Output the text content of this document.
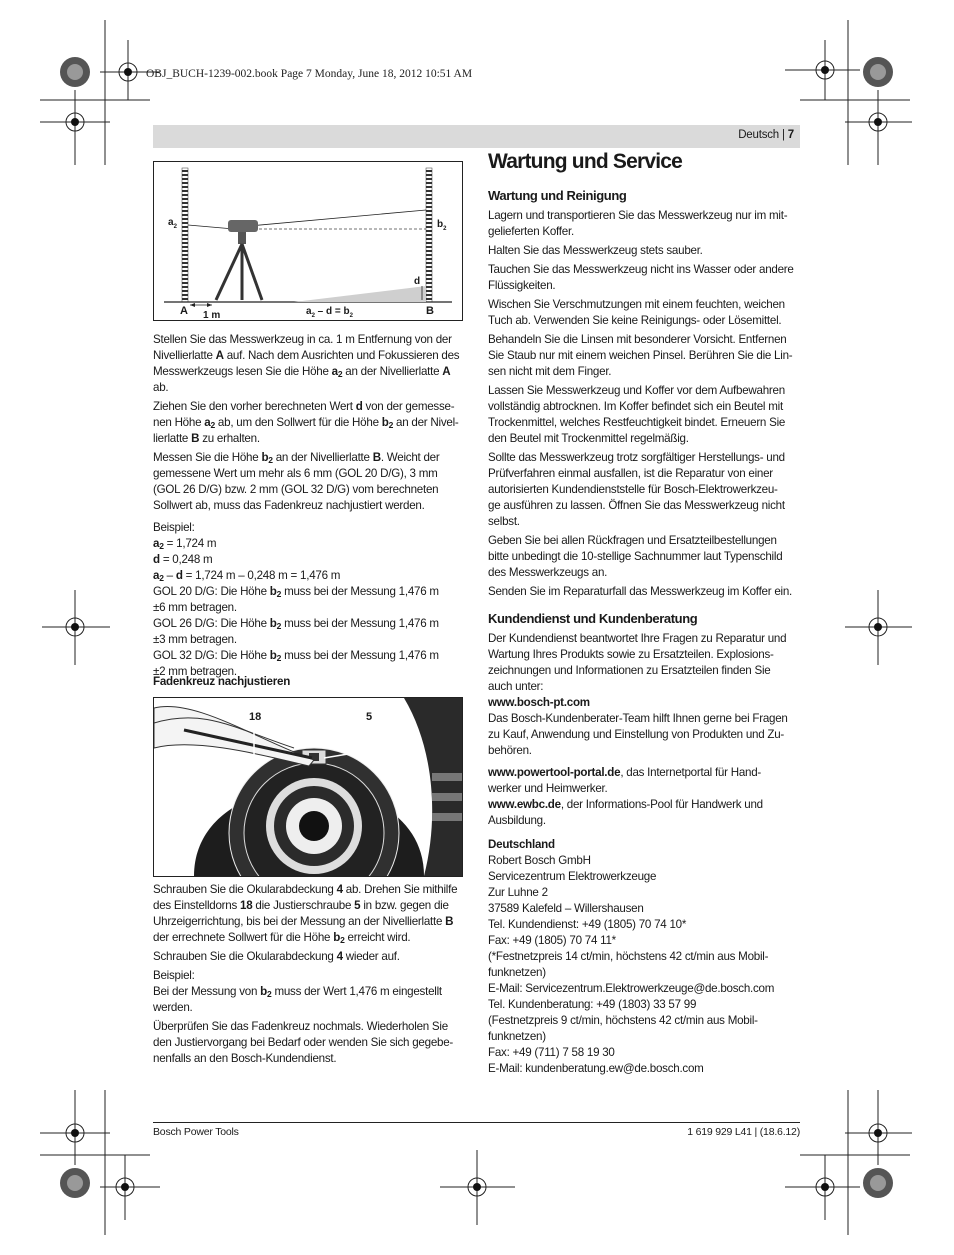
OBJ_BUCH-1239-002.book Page 7 Monday, June 18, 2012 10:51 AM
Deutsch | 7
$a_2$	$b_2$
d
A	B
1 m	$a_2 - d = b_2$

Stellen Sie das Messwerkzeug in ca. 1 m Entfernung von der
Nivellierlatte A auf. Nach dem Ausrichten und Fokussieren des
Messwerkzeugs lesen Sie die Höhe $a_2$ an der Nivellierlatte A ab.

Ziehen Sie den vorher berechneten Wert d von der gemesse-
nen Höhe $a_2$ ab, um den Sollwert für die Höhe $b_2$ an der Nivel-
lierlatte B zu erhalten.

Messen Sie die Höhe $b_2$ an der Nivellierlatte B. Weicht der
gemessene Wert um mehr als 6 mm (GOL 20 D/G), 3 mm
(GOL 26 D/G) bzw. 2 mm (GOL 32 D/G) vom berechneten
Sollwert ab, muss das Fadenkreuz nachjustiert werden.

Beispiel:
$a_2 = 1,724$ m
d = 0,248 m
$a_2 - d = 1,724$ m – 0,248 m = 1,476 m
GOL 20 D/G: Die Höhe $b_2$ muss bei der Messung 1,476 m
±6 mm betragen.
GOL 26 D/G: Die Höhe $b_2$ muss bei der Messung 1,476 m
±3 mm betragen.
GOL 32 D/G: Die Höhe $b_2$ muss bei der Messung 1,476 m
±2 mm betragen.

Fadenkreuz nachjustieren
18	5

Schrauben Sie die Okularabdeckung 4 ab. Drehen Sie mithilfe
des Einstelldorns 18 die Justierschraube 5 in bzw. gegen die
Uhrzeigerrichtung, bis bei der Messung an der Nivellierlatte B
der errechnete Sollwert für die Höhe $b_2$ erreicht wird.

Schrauben Sie die Okularabdeckung 4 wieder auf.

Beispiel:
Bei der Messung von $b_2$ muss der Wert 1,476 m eingestellt
werden.

Überprüfen Sie das Fadenkreuz nochmals. Wiederholen Sie
den Justiervorgang bei Bedarf oder wenden Sie sich gegebe-
nenfalls an den Bosch-Kundendienst.

Wartung und Service
Wartung und Reinigung

Lagern und transportieren Sie das Messwerkzeug nur im mit-
gelieferten Koffer.

Halten Sie das Messwerkzeug stets sauber.

Tauchen Sie das Messwerkzeug nicht ins Wasser oder andere
Flüssigkeiten.

Wischen Sie Verschmutzungen mit einem feuchten, weichen
Tuch ab. Verwenden Sie keine Reinigungs- oder Lösemittel.

Behandeln Sie die Linsen mit besonderer Vorsicht. Entfernen
Sie Staub nur mit einem weichen Pinsel. Berühren Sie die Lin-
sen nicht mit dem Finger.

Lassen Sie Messwerkzeug und Koffer vor dem Aufbewahren
vollständig abtrocknen. Im Koffer befindet sich ein Beutel mit
Trockenmittel, welches Restfeuchtigkeit bindet. Erneuern Sie
den Beutel mit Trockenmittel regelmäßig.

Sollte das Messwerkzeug trotz sorgfältiger Herstellungs- und
Prüfverfahren einmal ausfallen, ist die Reparatur von einer
autorisierten Kundendienststelle für Bosch-Elektrowerkzeu-
ge ausführen zu lassen. Öffnen Sie das Messwerkzeug nicht
selbst.

Geben Sie bei allen Rückfragen und Ersatzteilbestellungen
bitte unbedingt die 10-stellige Sachnummer laut Typenschild
des Messwerkzeugs an.

Senden Sie im Reparaturfall das Messwerkzeug im Koffer ein.

Kundendienst und Kundenberatung

Der Kundendienst beantwortet Ihre Fragen zu Reparatur und
Wartung Ihres Produkts sowie zu Ersatzteilen. Explosions-
zeichnungen und Informationen zu Ersatzteilen finden Sie
auch unter:

www.bosch-pt.com

Das Bosch-Kundenberater-Team hilft Ihnen gerne bei Fragen
zu Kauf, Anwendung und Einstellung von Produkten und Zu-
behören.

www.powertool-portal.de, das Internetportal für Hand-
werker und Heimwerker.

www.ewbc.de, der Informations-Pool für Handwerk und
Ausbildung.

Deutschland

Robert Bosch GmbH
Servicezentrum Elektrowerkzeuge
Zur Luhne 2
37589 Kalefeld – Willershausen
Tel. Kundendienst: +49 (1805) 70 74 10*
Fax: +49 (1805) 70 74 11*
(*Festnetzpreis 14 ct/min, höchstens 42 ct/min aus Mobil-
funknetzen)
E-Mail: Servicezentrum.Elektrowerkzeuge@de.bosch.com
Tel. Kundenberatung: +49 (1803) 33 57 99
(Festnetzpreis 9 ct/min, höchstens 42 ct/min aus Mobil-
funknetzen)
Fax: +49 (711) 7 58 19 30
E-Mail: kundenberatung.ew@de.bosch.com

Bosch Power Tools	1 619 929 L41 | (18.6.12)
